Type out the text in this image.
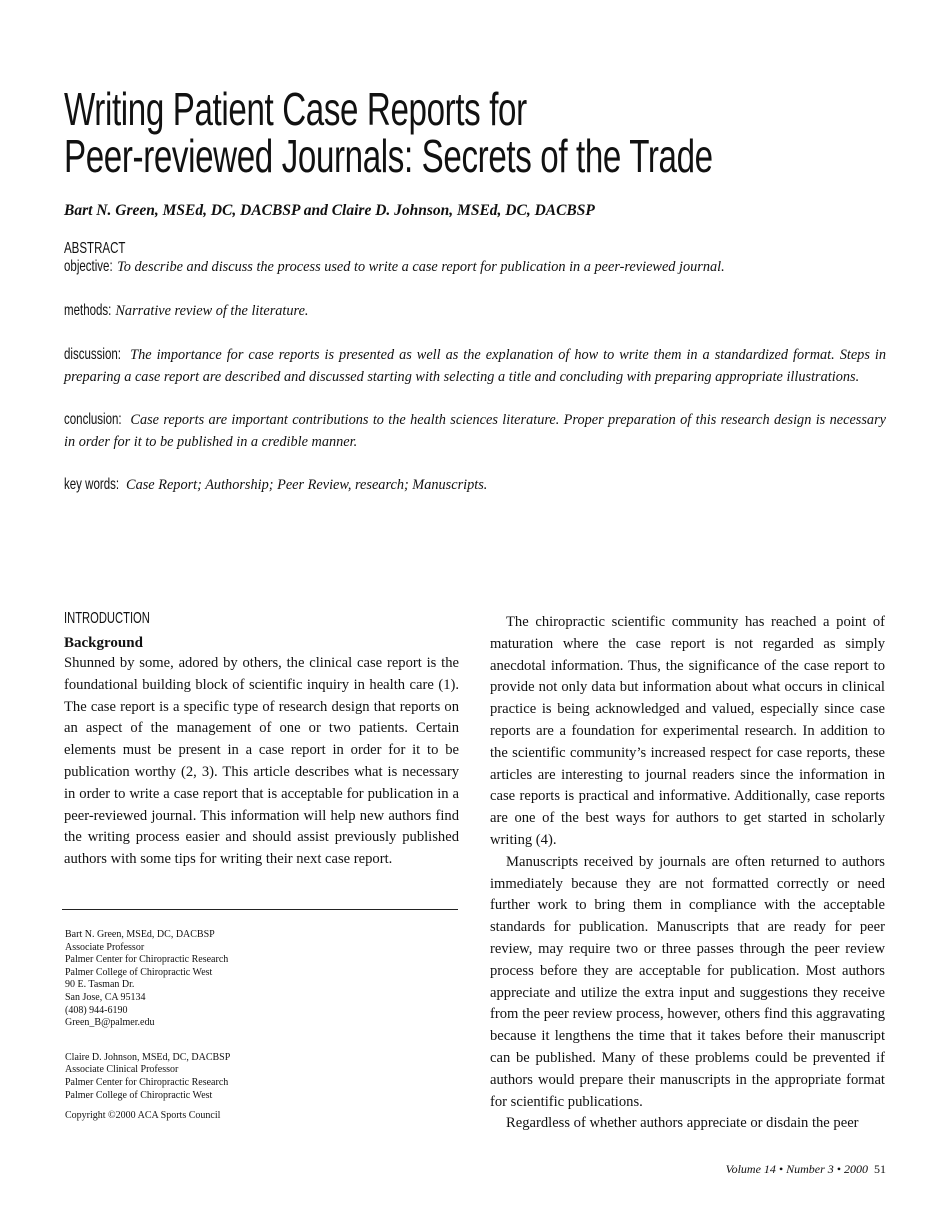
Writing Patient Case Reports for
Peer-reviewed Journals: Secrets of the Trade
Bart N. Green, MSEd, DC, DACBSP and Claire D. Johnson, MSEd, DC, DACBSP
ABSTRACT

objective: To describe and discuss the process used to write a case report for publication in a peer-reviewed journal.

methods: Narrative review of the literature.

discussion: The importance for case reports is presented as well as the explanation of how to write them in a standardized format. Steps in preparing a case report are described and discussed starting with selecting a title and concluding with preparing appropriate illustrations.

conclusion: Case reports are important contributions to the health sciences literature. Proper preparation of this research design is necessary in order for it to be published in a credible manner.

key words: Case Report; Authorship; Peer Review, research; Manuscripts.

INTRODUCTION
Background

Shunned by some, adored by others, the clinical case report is the foundational building block of scientific inquiry in health care (1). The case report is a specific type of research design that reports on an aspect of the management of one or two patients. Certain elements must be present in a case report in order for it to be publication worthy (2, 3). This article describes what is necessary in order to write a case report that is acceptable for publication in a peer-reviewed journal. This information will help new authors find the writing process easier and should assist previously published authors with some tips for writing their next case report.

Bart N. Green, MSEd, DC, DACBSP
Associate Professor
Palmer Center for Chiropractic Research
Palmer College of Chiropractic West
90 E. Tasman Dr.
San Jose, CA 95134
(408) 944-6190
Green_B@palmer.edu
Claire D. Johnson, MSEd, DC, DACBSP
Associate Clinical Professor
Palmer Center for Chiropractic Research
Palmer College of Chiropractic West
Copyright ©2000 ACA Sports Council

The chiropractic scientific community has reached a point of maturation where the case report is not regarded as simply anecdotal information. Thus, the significance of the case report to provide not only data but information about what occurs in clinical practice is being acknowledged and valued, especially since case reports are a foundation for experimental research. In addition to the scientific community’s increased respect for case reports, these articles are interesting to journal readers since the information in case reports is practical and informative. Additionally, case reports are one of the best ways for authors to get started in scholarly writing (4).

Manuscripts received by journals are often returned to authors immediately because they are not formatted correctly or need further work to bring them in compliance with the acceptable standards for publication. Manuscripts that are ready for peer review, may require two or three passes through the peer review process before they are acceptable for publication. Most authors appreciate and utilize the extra input and suggestions they receive from the peer review process, however, others find this aggravating because it lengthens the time that it takes before their manuscript can be published. Many of these problems could be prevented if authors would prepare their manuscripts in the appropriate format for scientific publications.

Regardless of whether authors appreciate or disdain the peer

Volume 14 • Number 3 • 2000 51
